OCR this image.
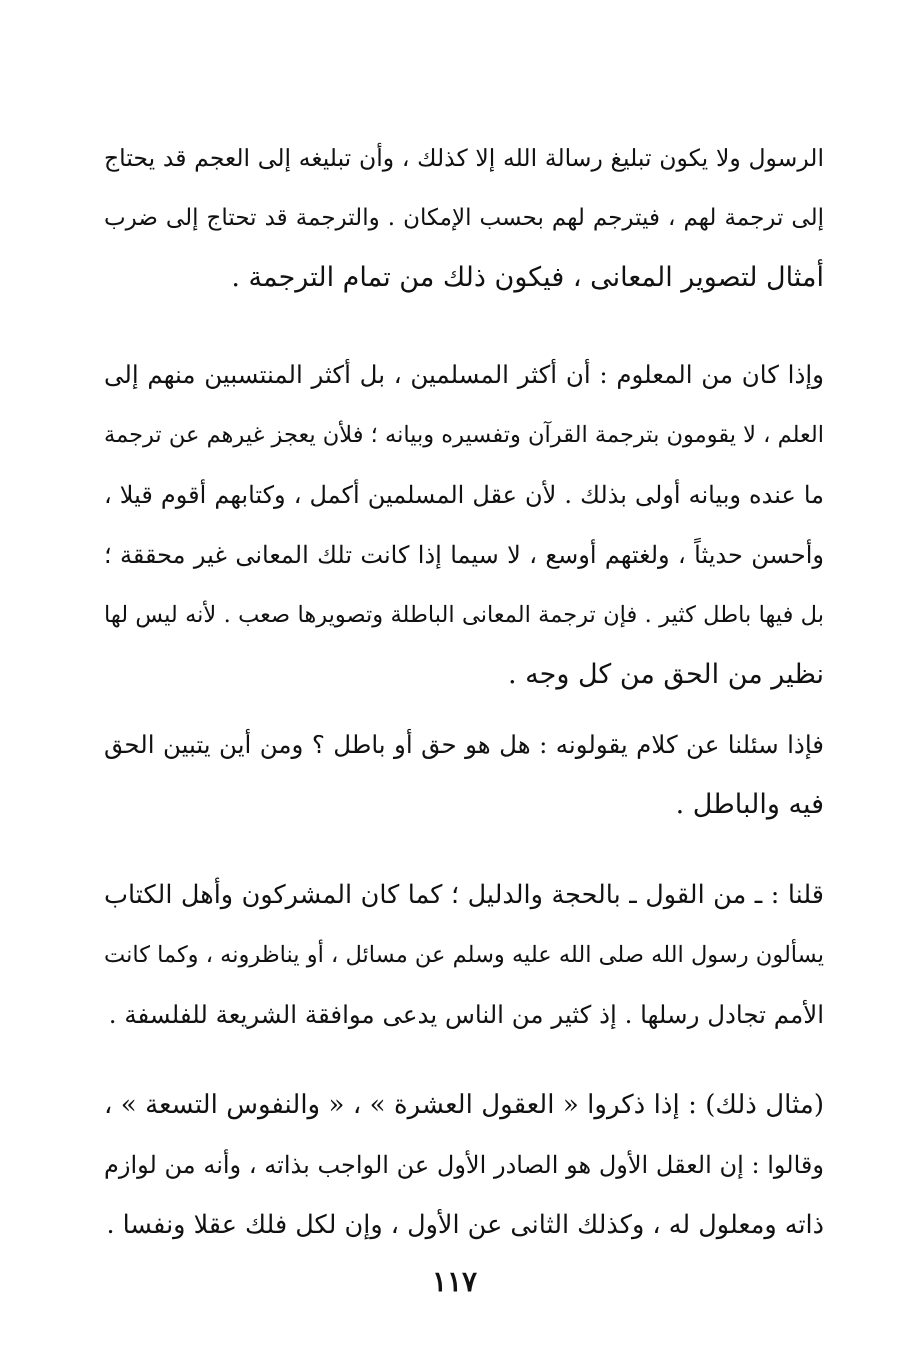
الرسول ولا يكون تبليغ رسالة الله إلا كذلك ، وأن تبليغه إلى العجم قد يحتاج
إلى ترجمة لهم ، فيترجم لهم بحسب الإمكان . والترجمة قد تحتاج إلى ضرب
أمثال لتصوير المعانى ، فيكون ذلك من تمام الترجمة .
وإذا كان من المعلوم : أن أكثر المسلمين ، بل أكثر المنتسبين منهم إلى
العلم ، لا يقومون بترجمة القرآن وتفسيره وبيانه ؛ فلأن يعجز غيرهم عن ترجمة
ما عنده وبيانه أولى بذلك . لأن عقل المسلمين أكمل ، وكتابهم أقوم قيلا ،
وأحسن حديثاً ، ولغتهم أوسع ، لا سيما إذا كانت تلك المعانى غير محققة ؛
بل فيها باطل كثير . فإن ترجمة المعانى الباطلة وتصويرها صعب . لأنه ليس لها
نظير من الحق من كل وجه .
فإذا سئلنا عن كلام يقولونه : هل هو حق أو باطل ؟ ومن أين يتبين الحق
فيه والباطل .
قلنا : ـ من القول ـ بالحجة والدليل ؛ كما كان المشركون وأهل الكتاب
يسألون رسول الله صلى الله عليه وسلم عن مسائل ، أو يناظرونه ، وكما كانت
الأمم تجادل رسلها . إذ كثير من الناس يدعى موافقة الشريعة للفلسفة .
(مثال ذلك) : إذا ذكروا « العقول العشرة » ، « والنفوس التسعة » ،
وقالوا : إن العقل الأول هو الصادر الأول عن الواجب بذاته ، وأنه من لوازم
ذاته ومعلول له ، وكذلك الثانى عن الأول ، وإن لكل فلك عقلا ونفسا .
١١٧
